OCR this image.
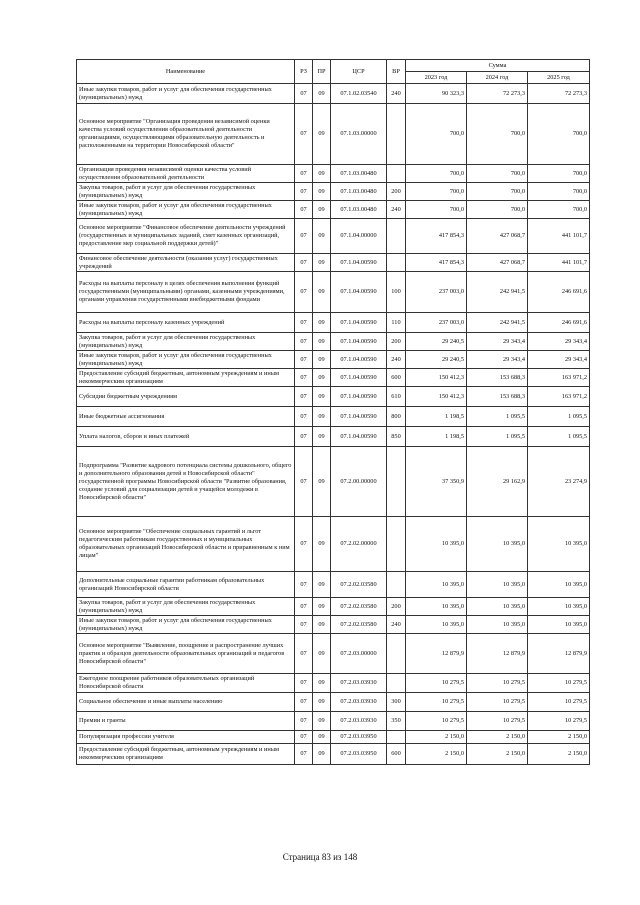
Наименование	РЗ	ПР	ЦСР	ВР	Сумма		
					2023 год	2024 год	2025 год
Иные закупки товаров, работ и услуг для обеспечения государственных (муниципальных) нужд	07	09	07.1.02.03540	240	90 323,3	72 273,3	72 273,3
Основное мероприятие "Организация проведения независимой оценки качества условий осуществления образовательной деятельности организациями, осуществляющими образовательную деятельность и расположенными на территории Новосибирской области"	07	09	07.1.03.00000		700,0	700,0	700,0
Организация проведения независимой оценки качества условий осуществления образовательной деятельности	07	09	07.1.03.00480		700,0	700,0	700,0
Закупка товаров, работ и услуг для обеспечения государственных (муниципальных) нужд	07	09	07.1.03.00480	200	700,0	700,0	700,0
Иные закупки товаров, работ и услуг для обеспечения государственных (муниципальных) нужд	07	09	07.1.03.00480	240	700,0	700,0	700,0
Основное мероприятие "Финансовое обеспечение деятельности учреждений (государственных и муниципальных заданий, смет казенных организаций, предоставление мер социальной поддержки детей)"	07	09	07.1.04.00000		417 854,3	427 068,7	441 101,7
Финансовое обеспечение деятельности (оказания услуг) государственных учреждений	07	09	07.1.04.00590		417 854,3	427 068,7	441 101,7
Расходы на выплаты персоналу в целях обеспечения выполнения функций государственными (муниципальными) органами, казенными учреждениями, органами управления государственными внебюджетными фондами	07	09	07.1.04.00590	100	237 003,0	242 941,5	246 691,6
Расходы на выплаты персоналу казенных учреждений	07	09	07.1.04.00590	110	237 003,0	242 941,5	246 691,6
Закупка товаров, работ и услуг для обеспечения государственных (муниципальных) нужд	07	09	07.1.04.00590	200	29 240,5	29 343,4	29 343,4
Иные закупки товаров, работ и услуг для обеспечения государственных (муниципальных) нужд	07	09	07.1.04.00590	240	29 240,5	29 343,4	29 343,4
Предоставление субсидий бюджетным, автономным учреждениям и иным некоммерческим организациям	07	09	07.1.04.00590	600	150 412,3	153 688,3	163 971,2
Субсидии бюджетным учреждениям	07	09	07.1.04.00590	610	150 412,3	153 688,3	163 971,2
Иные бюджетные ассигнования	07	09	07.1.04.00590	800	1 198,5	1 095,5	1 095,5
Уплата налогов, сборов и иных платежей	07	09	07.1.04.00590	850	1 198,5	1 095,5	1 095,5
Подпрограмма "Развитие кадрового потенциала системы дошкольного, общего и дополнительного образования детей в Новосибирской области" государственной программы Новосибирской области "Развитие образования, создание условий для социализации детей и учащейся молодежи в Новосибирской области"	07	09	07.2.00.00000		37 350,9	29 162,9	23 274,9
Основное мероприятие "Обеспечение социальных гарантий и льгот педагогическим работникам государственных и муниципальных образовательных организаций Новосибирской области и приравненным к ним лицам"	07	09	07.2.02.00000		10 395,0	10 395,0	10 395,0
Дополнительные социальные гарантии работникам образовательных организаций Новосибирской области	07	09	07.2.02.03580		10 395,0	10 395,0	10 395,0
Закупка товаров, работ и услуг для обеспечения государственных (муниципальных) нужд	07	09	07.2.02.03580	200	10 395,0	10 395,0	10 395,0
Иные закупки товаров, работ и услуг для обеспечения государственных (муниципальных) нужд	07	09	07.2.02.03580	240	10 395,0	10 395,0	10 395,0
Основное мероприятие "Выявление, поощрение и распространение лучших практик и образцов деятельности образовательных организаций и педагогов Новосибирской области"	07	09	07.2.03.00000		12 879,9	12 879,9	12 879,9
Ежегодное поощрение работников образовательных организаций Новосибирской области	07	09	07.2.03.03930		10 279,5	10 279,5	10 279,5
Социальное обеспечение и иные выплаты населению	07	09	07.2.03.03930	300	10 279,5	10 279,5	10 279,5
Премии и гранты	07	09	07.2.03.03930	350	10 279,5	10 279,5	10 279,5
Популяризация профессии учителя	07	09	07.2.03.03950		2 150,0	2 150,0	2 150,0
Предоставление субсидий бюджетным, автономным учреждениям и иным некоммерческим организациям	07	09	07.2.03.03950	600	2 150,0	2 150,0	2 150,0
Страница 83 из 148
